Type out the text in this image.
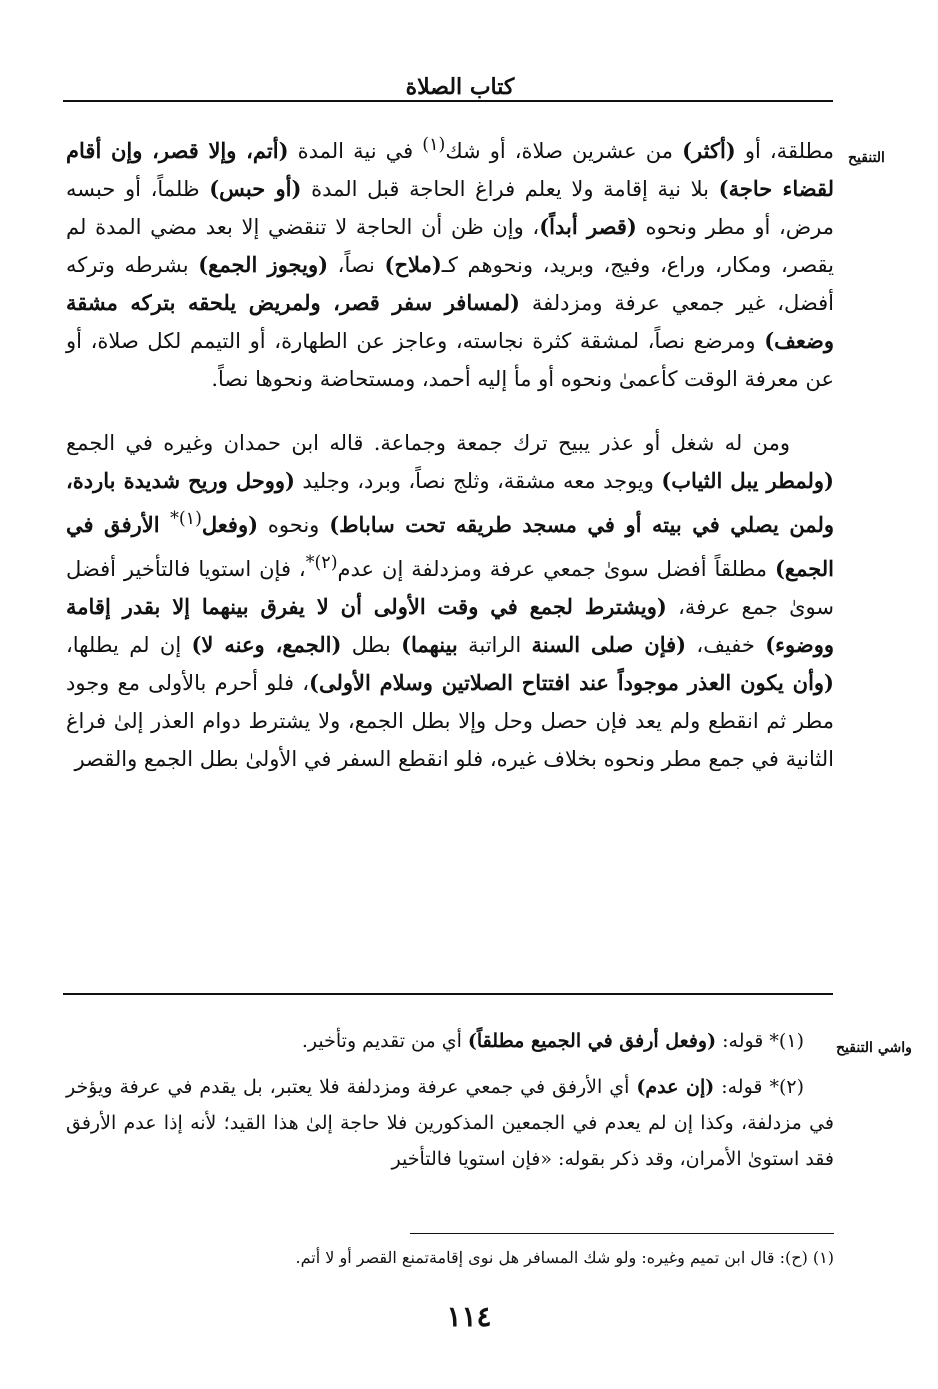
كتاب الصلاة
التنقيح

مطلقة، أو (أكثر) من عشرين صلاة، أو شك$^{(١)}$ في نية المدة (أتم، وإلا قصر، وإن أقام لقضاء حاجة) بلا نية إقامة ولا يعلم فراغ الحاجة قبل المدة (أو حبس) ظلماً، أو حبسه مرض، أو مطر ونحوه (قصر أبداً)، وإن ظن أن الحاجة لا تنقضي إلا بعد مضي المدة لم يقصر، ومكار، وراع، وفيج، وبريد، ونحوهم كـ(ملاح) نصاً، (ويجوز الجمع) بشرطه وتركه أفضل، غير جمعي عرفة ومزدلفة (لمسافر سفر قصر، ولمريض يلحقه بتركه مشقة وضعف) ومرضع نصاً، لمشقة كثرة نجاسته، وعاجز عن الطهارة، أو التيمم لكل صلاة، أو عن معرفة الوقت كأعمىٰ ونحوه أو مأ إليه أحمد، ومستحاضة ونحوها نصاً.

ومن له شغل أو عذر يبيح ترك جمعة وجماعة. قاله ابن حمدان وغيره في الجمع (ولمطر يبل الثياب) ويوجد معه مشقة، وثلج نصاً، وبرد، وجليد (ووحل وريح شديدة باردة، ولمن يصلي في بيته أو في مسجد طريقه تحت ساباط) ونحوه (وفعل$^{(١)*}$ الأرفق في الجمع) مطلقاً أفضل سوىٰ جمعي عرفة ومزدلفة إن عدم$^{(٢)*}$، فإن استويا فالتأخير أفضل سوىٰ جمع عرفة، (ويشترط لجمع في وقت الأولى أن لا يفرق بينهما إلا بقدر إقامة ووضوء) خفيف، (فإن صلى السنة الراتبة بينهما) بطل (الجمع، وعنه لا) إن لم يطلها، (وأن يكون العذر موجوداً عند افتتاح الصلاتين وسلام الأولى)، فلو أحرم بالأولى مع وجود مطر ثم انقطع ولم يعد فإن حصل وحل وإلا بطل الجمع، ولا يشترط دوام العذر إلىٰ فراغ الثانية في جمع مطر ونحوه بخلاف غيره، فلو انقطع السفر في الأولىٰ بطل الجمع والقصر

واشي التنقيح

(١)* قوله: (وفعل أرفق في الجميع مطلقاً) أي من تقديم وتأخير.

(٢)* قوله: (إن عدم) أي الأرفق في جمعي عرفة ومزدلفة فلا يعتبر، بل يقدم في عرفة ويؤخر في مزدلفة، وكذا إن لم يعدم في الجمعين المذكورين فلا حاجة إلىٰ هذا القيد؛ لأنه إذا عدم الأرفق فقد استوىٰ الأمران، وقد ذكر بقوله: «فإن استويا فالتأخير

(١) (ح): قال ابن تميم وغيره: ولو شك المسافر هل نوى إقامةتمنع القصر أو لا أتم.
١١٤
